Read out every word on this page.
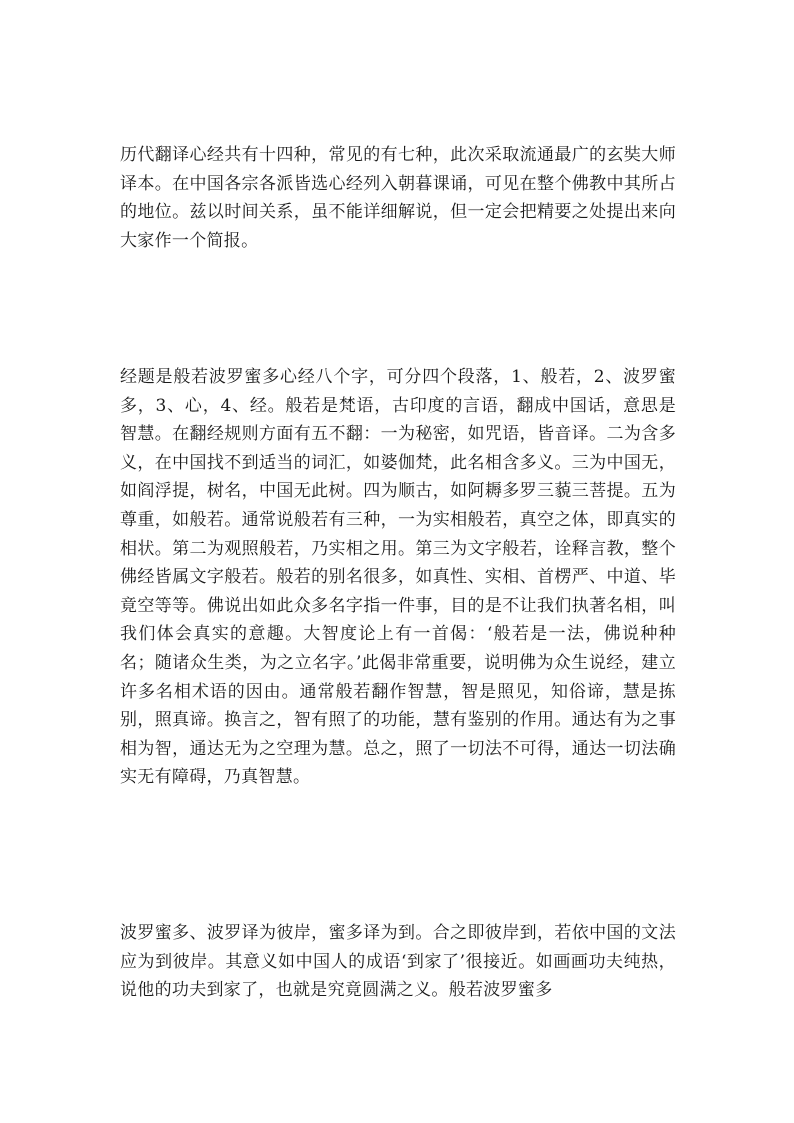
历代翻译心经共有十四种，常见的有七种，此次采取流通最广的玄奘大师译本。在中国各宗各派皆选心经列入朝暮课诵，可见在整个佛教中其所占的地位。兹以时间关系，虽不能详细解说，但一定会把精要之处提出来向大家作一个简报。

经题是般若波罗蜜多心经八个字，可分四个段落，1、般若，2、波罗蜜多，3、心，4、经。般若是梵语，古印度的言语，翻成中国话，意思是智慧。在翻经规则方面有五不翻：一为秘密，如咒语，皆音译。二为含多义，在中国找不到适当的词汇，如婆伽梵，此名相含多义。三为中国无，如阎浮提，树名，中国无此树。四为顺古，如阿耨多罗三藐三菩提。五为尊重，如般若。通常说般若有三种，一为实相般若，真空之体，即真实的相状。第二为观照般若，乃实相之用。第三为文字般若，诠释言教，整个佛经皆属文字般若。般若的别名很多，如真性、实相、首楞严、中道、毕竟空等等。佛说出如此众多名字指一件事，目的是不让我们执著名相，叫我们体会真实的意趣。大智度论上有一首偈：‘般若是一法，佛说种种名；随诸众生类，为之立名字。’此偈非常重要，说明佛为众生说经，建立许多名相术语的因由。通常般若翻作智慧，智是照见，知俗谛，慧是拣别，照真谛。换言之，智有照了的功能，慧有鉴别的作用。通达有为之事相为智，通达无为之空理为慧。总之，照了一切法不可得，通达一切法确实无有障碍，乃真智慧。

波罗蜜多、波罗译为彼岸，蜜多译为到。合之即彼岸到，若依中国的文法应为到彼岸。其意义如中国人的成语‘到家了’很接近。如画画功夫纯热，说他的功夫到家了，也就是究竟圆满之义。般若波罗蜜多
